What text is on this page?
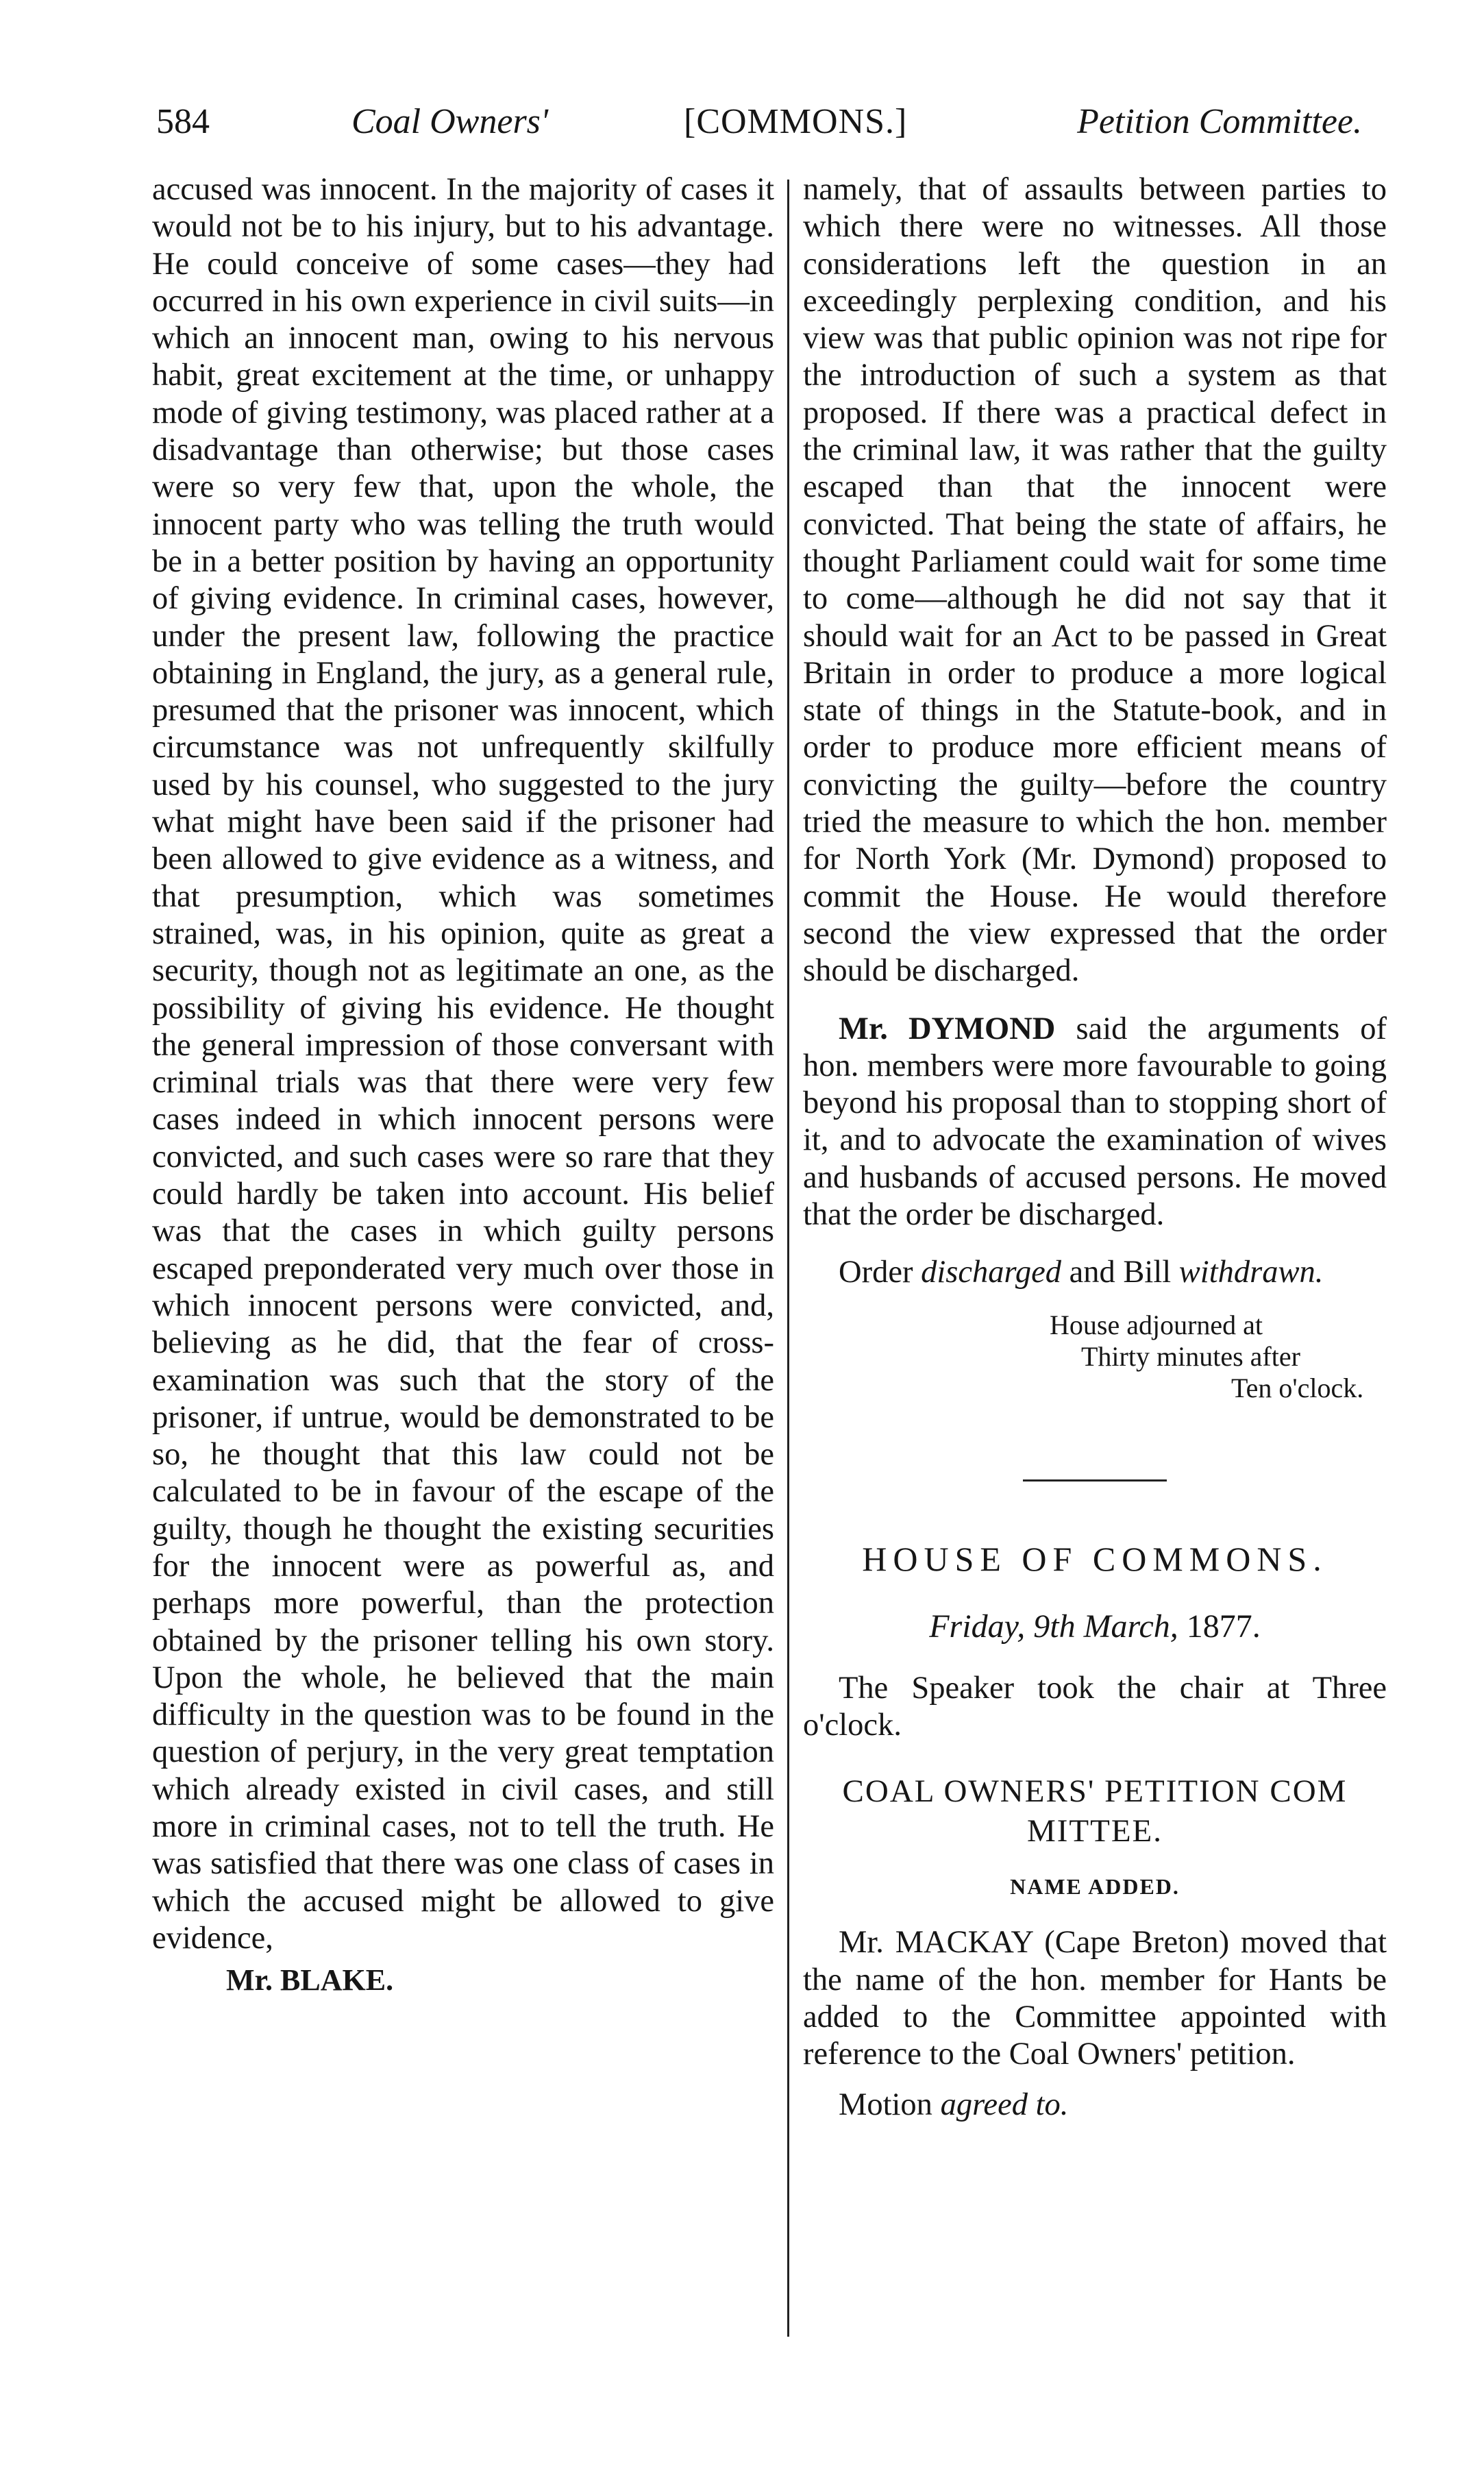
584	Coal Owners'	[COMMONS.]	Petition Committee.

accused was innocent. In the majority of cases it would not be to his injury, but to his advantage. He could conceive of some cases—they had occurred in his own experience in civil suits—in which an innocent man, owing to his nervous habit, great excitement at the time, or unhappy mode of giving testimony, was placed rather at a disadvantage than otherwise; but those cases were so very few that, upon the whole, the innocent party who was telling the truth would be in a better position by having an opportunity of giving evidence. In criminal cases, however, under the present law, following the practice obtaining in England, the jury, as a general rule, presumed that the prisoner was innocent, which circumstance was not unfrequently skilfully used by his counsel, who suggested to the jury what might have been said if the prisoner had been allowed to give evidence as a witness, and that presumption, which was sometimes strained, was, in his opinion, quite as great a security, though not as legitimate an one, as the possibility of giving his evidence. He thought the general impression of those conversant with criminal trials was that there were very few cases indeed in which innocent persons were convicted, and such cases were so rare that they could hardly be taken into account. His belief was that the cases in which guilty persons escaped preponderated very much over those in which innocent persons were convicted, and, believing as he did, that the fear of cross-examination was such that the story of the prisoner, if untrue, would be demonstrated to be so, he thought that this law could not be calculated to be in favour of the escape of the guilty, though he thought the existing securities for the innocent were as powerful as, and perhaps more powerful, than the protection obtained by the prisoner telling his own story. Upon the whole, he believed that the main difficulty in the question was to be found in the question of perjury, in the very great temptation which already existed in civil cases, and still more in criminal cases, not to tell the truth. He was satisfied that there was one class of cases in which the accused might be allowed to give evidence,

Mr. BLAKE.

namely, that of assaults between parties to which there were no witnesses. All those considerations left the question in an exceedingly perplexing condition, and his view was that public opinion was not ripe for the introduction of such a system as that proposed. If there was a practical defect in the criminal law, it was rather that the guilty escaped than that the innocent were convicted. That being the state of affairs, he thought Parliament could wait for some time to come—although he did not say that it should wait for an Act to be passed in Great Britain in order to produce a more logical state of things in the Statute-book, and in order to produce more efficient means of convicting the guilty—before the country tried the measure to which the hon. member for North York (Mr. Dymond) proposed to commit the House. He would therefore second the view expressed that the order should be discharged.

Mr. DYMOND said the arguments of hon. members were more favourable to going beyond his proposal than to stopping short of it, and to advocate the examination of wives and husbands of accused persons. He moved that the order be discharged.

Order discharged and Bill withdrawn.

House adjourned at
Thirty minutes after
Ten o'clock.
HOUSE OF COMMONS.
Friday, 9th March, 1877.

The Speaker took the chair at Three o'clock.

COAL OWNERS' PETITION COM
MITTEE.
NAME ADDED.

Mr. MACKAY (Cape Breton) moved that the name of the hon. member for Hants be added to the Committee appointed with reference to the Coal Owners' petition.

Motion agreed to.
